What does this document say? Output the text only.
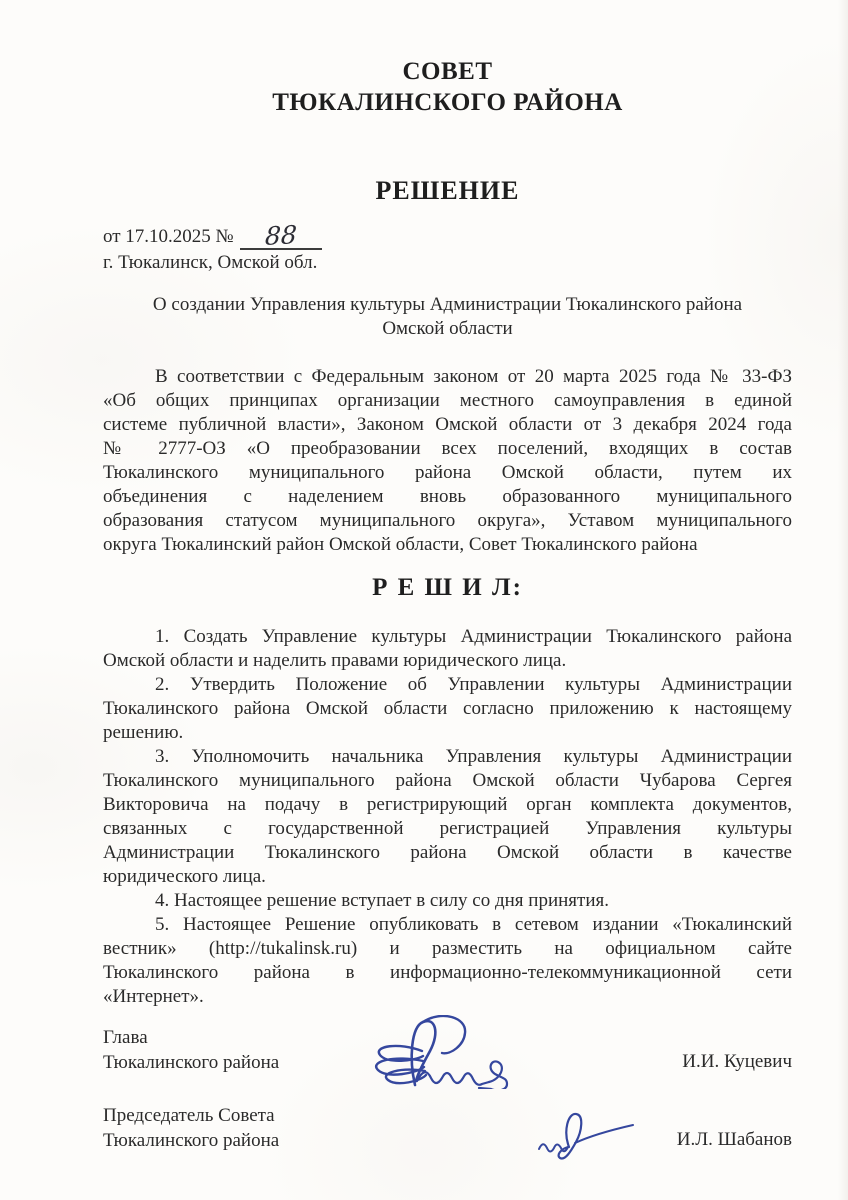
СОВЕТ
ТЮКАЛИНСКОГО РАЙОНА
РЕШЕНИЕ
от 17.10.2025 № 88
г. Тюкалинск, Омской обл.
О создании Управления культуры Администрации Тюкалинского района
Омской области
В соответствии с Федеральным законом от 20 марта 2025 года № 33-ФЗ
«Об общих принципах организации местного самоуправления в единой
системе публичной власти», Законом Омской области от 3 декабря 2024 года
№ 2777-ОЗ «О преобразовании всех поселений, входящих в состав
Тюкалинского муниципального района Омской области, путем их
объединения с наделением вновь образованного муниципального
образования статусом муниципального округа», Уставом муниципального
округа Тюкалинский район Омской области, Совет Тюкалинского района
Р Е Ш И Л:
1. Создать Управление культуры Администрации Тюкалинского района
Омской области и наделить правами юридического лица.
2. Утвердить Положение об Управлении культуры Администрации
Тюкалинского района Омской области согласно приложению к настоящему
решению.
3. Уполномочить начальника Управления культуры Администрации
Тюкалинского муниципального района Омской области Чубарова Сергея
Викторовича на подачу в регистрирующий орган комплекта документов,
связанных с государственной регистрацией Управления культуры
Администрации Тюкалинского района Омской области в качестве
юридического лица.
4. Настоящее решение вступает в силу со дня принятия.
5. Настоящее Решение опубликовать в сетевом издании «Тюкалинский
вестник» (http://tukalinsk.ru) и разместить на официальном сайте
Тюкалинского района в информационно-телекоммуникационной сети
«Интернет».
Глава
Тюкалинского района	И.И. Куцевич
Председатель Совета
Тюкалинского района	И.Л. Шабанов
